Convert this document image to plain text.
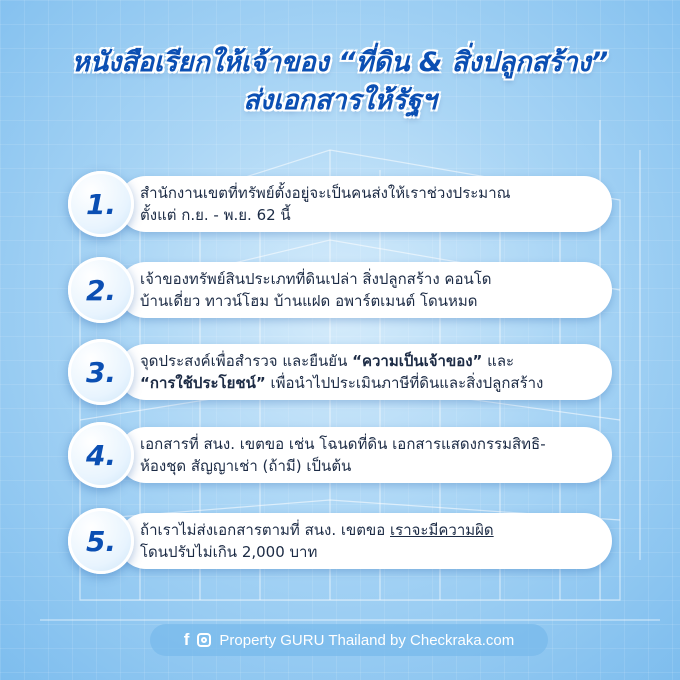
หนังสือเรียกให้เจ้าของ “ที่ดิน & สิ่งปลูกสร้าง”
ส่งเอกสารให้รัฐฯ
สำนักงานเขตที่ทรัพย์ตั้งอยู่จะเป็นคนส่งให้เราช่วงประมาณ
ตั้งแต่ ก.ย. - พ.ย. 62 นี้
1.
เจ้าของทรัพย์สินประเภทที่ดินเปล่า สิ่งปลูกสร้าง คอนโด
บ้านเดี่ยว ทาวน์โฮม บ้านแฝด อพาร์ตเมนต์ โดนหมด
2.
จุดประสงค์เพื่อสำรวจ และยืนยัน “ความเป็นเจ้าของ” และ
“การใช้ประโยชน์” เพื่อนำไปประเมินภาษีที่ดินและสิ่งปลูกสร้าง
3.
เอกสารที่ สนง. เขตขอ เช่น โฉนดที่ดิน เอกสารแสดงกรรมสิทธิ-
ห้องชุด สัญญาเช่า (ถ้ามี) เป็นต้น
4.
ถ้าเราไม่ส่งเอกสารตามที่ สนง. เขตขอ เราจะมีความผิด
โดนปรับไม่เกิน 2,000 บาท
5.
f Property GURU Thailand by Checkraka.com
